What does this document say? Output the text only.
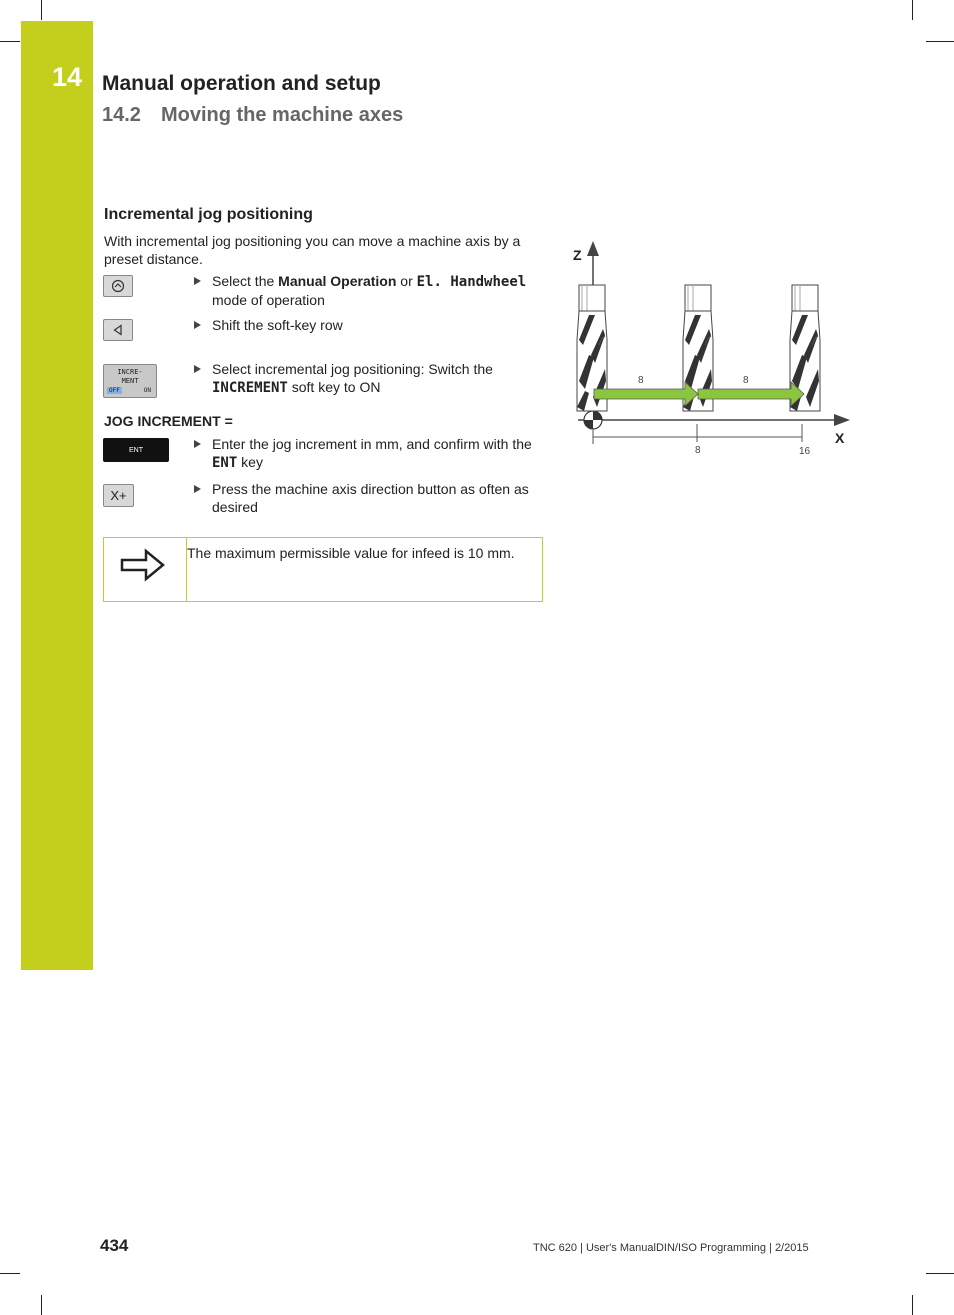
14 Manual operation and setup
14.2 Moving the machine axes
Incremental jog positioning
With incremental jog positioning you can move a machine axis by a preset distance.
Select the Manual Operation or El. Handwheel mode of operation
Shift the soft-key row
INCRE-
MENT
OFF	ON
Select incremental jog positioning: Switch the INCREMENT soft key to ON
JOG INCREMENT =
ENT	Enter the jog increment in mm, and confirm with the ENT key
X+	Press the machine axis direction button as often as desired
The maximum permissible value for infeed is 10 mm.
Z
X
8	16
8	8
434	TNC 620 | User's ManualDIN/ISO Programming | 2/2015
